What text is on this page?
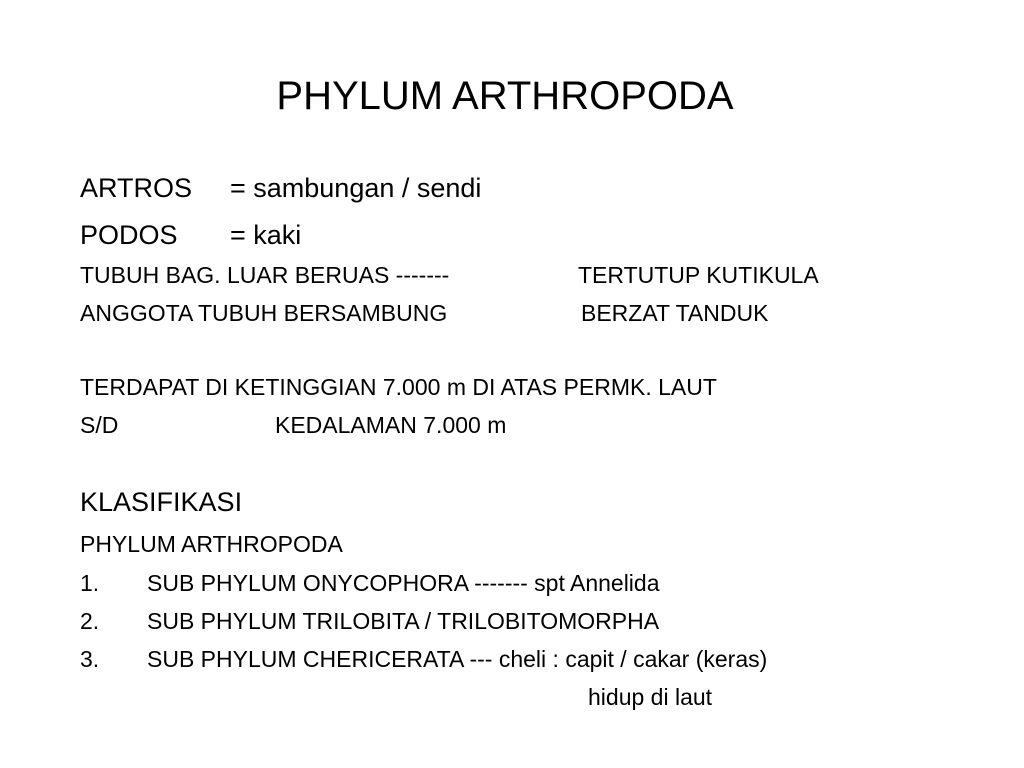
PHYLUM ARTHROPODA
ARTROS = sambungan / sendi
PODOS = kaki
TUBUH BAG. LUAR BERUAS -------	TERTUTUP KUTIKULA
ANGGOTA TUBUH BERSAMBUNG	BERZAT TANDUK
TERDAPAT DI KETINGGIAN 7.000 m DI ATAS PERMK. LAUT
S/D	KEDALAMAN 7.000 m
KLASIFIKASI
PHYLUM ARTHROPODA
1. SUB PHYLUM ONYCOPHORA ------- spt Annelida
2. SUB PHYLUM TRILOBITA / TRILOBITOMORPHA
3. SUB PHYLUM CHERICERATA --- cheli : capit / cakar (keras)
hidup di laut
